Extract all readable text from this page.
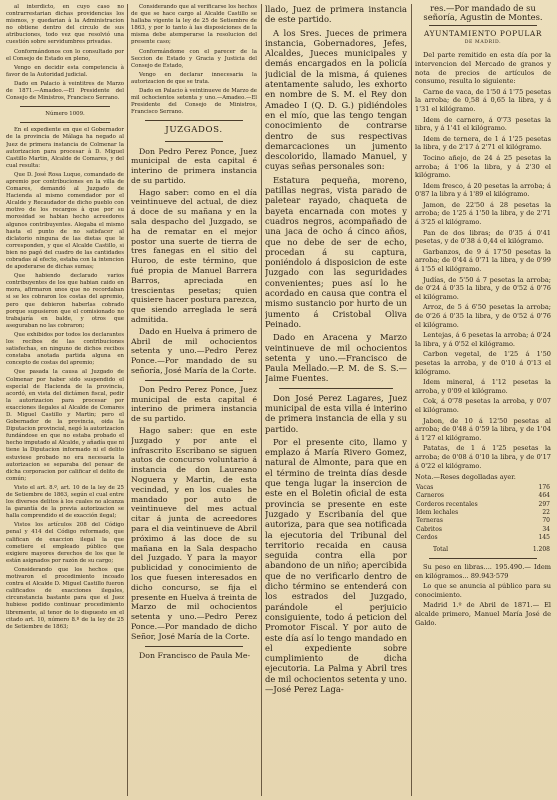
al interdicto, en cuyo caso no contrarrestarian dichas providencias los mismos, y quedarian à la Administracion no obtiene dentro del circulo de sus atribuciones, todo vez que resolvió una cuestión sobre servidumbres privadas.

Conformándonos con lo consultado por el Consejo de Estado en pleno,

Vengo en decidir esta competencia à favor de la Autoridad judicial.

Dado en Palacio à veintitres de Marzo de 1871.—Amadeo.—El Presidente del Consejo de Ministros, Francisco Serrano.

Número 1009.

En el expediente en que el Gobernador de la provincia de Málaga ha negado al Juez de primera instancia de Colmenar la autorizacion para procesar à D. Miguel Castillo Martin, Alcalde de Comares, y del cual resulta:

Que D. José Rosa Luque, comandado de apremio por contribuciones en la villa de Comares, demandó al Juzgado de Hacienda al mismo comendador por el Alcalde y Recaudador de dicho pueblo con motivo de los recargos à que por su morosidad se habian hecho acreedores algunos contribuyentes. Alegaba el mismo hasta el punto de no satisfacer al diclatorio ninguna de las dietas que le corresponden, y que el Alcalde Castillo, si bien no pagó del cuadro de las cantidades cobradas al efecto, estaba con la intencion de apoderarse de dichas sumas;

Que habiendo declarado varios contribuyentes de los que habian caido en mora, afirmaron unos que no recordaban si se les cobraron los costas del apremio, pero que debieron haberlas cobrado porque supusieron que el comisionado no trabajaría en balde, y otros que aseguraban no las cobraron;

Que exhibidos por todos los declarantes los recibos de las contribuciones satisfechas, en ninguno de dichos recibos constaba anotada partida alguna en concepto de costas del apremio;

Que pasada la causa al Juzgado de Colmenar por haber sido suspendido el especial de Hacienda de la provincia, acordó, en vista del dictámen fiscal, pedir la autorizacion para procesar por exacciones ilegales al Alcalde de Comares D. Miguel Castillo y Martin; pero el Gobernador de la provincia, oida la Diputacion provincial, negó la autorizacion fundándose en que no estaba probado el hecho imputado al Alcalde, y añadía que ni tiene la Diputacion informado ni el delito estuviese probado no era necesaria la autorizacion se separaba del pensar de dicha corporacion por calificar el delito de común;

Visto el art. 8.º, art. 10 de la ley de 25 de Setiembre de 1863, según el cual entre los diversos delitos à los cuales no alcanza la garantía de la previa autorizacion se halla comprendido el de exacción ilegal;

Vistos los artículos 208 del Código penal y 414 del Código reformado, que califican de exaccion ilegal la que cometiere el empleado público que exigiere mayores derechos de los que le están asignados por razón de su cargo;

Considerando que los hechos que motivaron el procedimiento incoado contra el Alcalde D. Miguel Castillo fueron calificados de exacciones ilegales, circunstancia bastante para que el Juez hubiese podido continuar procedimiento libremente, al tenor de lo dispuesto en el citado art. 10, número 8.º de la ley de 25 de Setiembre de 1863;

Considerando que al verificarse los hechos de que se hace cargo al Alcalde Castillo se hallaba vigente la ley de 25 de Setiembre de 1863, y por lo tanto à las disposiciones de la misma debe atemperarse la resolucion del presente caso;

Conformándome con el parecer de la Seccion de Estado y Gracia y Justicia del Consejo de Estado,

Vengo en declarar innecesaria la autorizacion de que se trata.

Dado en Palacio à veintinueve de Marzo de mil ochocientos setenta y uno.—Amadeo.—El Presidente del Consejo de Ministros, Francisco Serrano.

JUZGADOS.

Don Pedro Perez Ponce, Juez municipal de esta capital é interino de primera instancia de su partido.

Hago saber: como en el día veintinueve del actual, de diez á doce de su mañana y en la sala despacho del Juzgado, se ha de rematar en el mejor postor una suerte de tierra de tres fanegas en el sitio del Huroo, de este término, que fué propia de Manuel Barrera Barros, apreciada en trescientas pesetas; quien quisiere hacer postura parezca, que siendo arreglada le será admitida.

Dado en Huelva á primero de Abril de mil ochocientos setenta y uno.—Pedro Perez Ponce.—Por mandado de su señoría, José María de la Corte.

Don Pedro Perez Ponce, Juez municipal de esta capital é interino de primera instancia de su partido.

Hago saber: que en este Juzgado y por ante el infrascrito Escribano se siguen autos de concurso voluntario á instancia de don Laureano Noguera y Martin, de esta vecindad, y en los cuales he mandado por auto de veintinueve del mes actual citar á junta de acreedores para el dia veintinueve de Abril próximo á las doce de su mañana en la Sala despacho del Juzgado. Y para la mayor publicidad y conocimiento de los que fuesen interesados en dicho concurso, se fija el presente en Huelva á treinta de Marzo de mil ochocientos setenta y uno.—Pedro Perez Ponce.—Por mandado de dicho Señor, José María de la Corte.

Don Francisco de Paula Me-

llado, Juez de primera instancia de este partido.

A los Sres. Jueces de primera instancia, Gobernadores, Jefes, Alcaldes, Jueces municipales y demás encargados en la policía judicial de la misma, á quienes atentamente saludo, les exhorto en nombre de S. M. el Rey don Amadeo I (Q. D. G.) pidiéndoles en el mío, que las tengo tengan conocimiento de contrarse dentro de sus respectivas demarcaciones un jumento descolorido, llamado Manuel, y cuyas señas personales son:

Estatura pequeña, moreno, patillas negras, vista parado de paletear rayado, chaqueta de bayeta encarnada con motes y cuadros negros, acompañado de una jaca de ocho á cinco años, que no debe de ser de echo, procedan á su captura, poniéndolo á disposicion de este Juzgado con las seguridades convenientes; pues así lo he acordado en causa que contra el mismo sustancio por hurto de un jumento á Cristobal Oliva Peinado.

Dado en Aracena y Marzo veintinueve de mil ochocientos setenta y uno.—Francisco de Paula Mellado.—P. M. de S. S.—Jaime Fuentes.

Don José Perez Lagares, Juez municipal de esta villa é interino de primera instancia de ella y su partido.

Por el presente cito, llamo y emplazo á María Rivero Gomez, natural de Almonte, para que en el término de treinta días desde que tenga lugar la insercion de este en el Boletin oficial de esta provincia se presente en este Juzgado y Escribanía del que autoriza, para que sea notificada la ejecutoria del Tribunal del territorio recaida en causa seguida contra ella por abandono de un niño; apercibida que de no verificarlo dentro de dicho término se entenderá con los estrados del Juzgado, parándole el perjuicio consiguiente, todo á peticion del Promotor Fiscal. Y por auto de este día así lo tengo mandado en el expediente sobre cumplimiento de dicha ejecutoria. La Palma y Abril tres de mil ochocientos setenta y uno.—José Perez Laga-

res.—Por mandado de su señoría, Agustin de Montes.

AYUNTAMIENTO POPULAR

DE MADRID.

Del parte remitido en esta día por la intervencion del Mercado de granos y nota de precios de artículos de consumo, resulta lo siguiente:

Carne de vaca, de 1'50 á 1'75 pesetas la arroba; de 0,58 á 0,65 la libra, y á 1'31 el kilógramo.

Idem de carnero, á 0'73 pesetas la libra, y á 1'41 el kilógramo.

Idem de ternera, de 1 á 1'25 pesetas la libra, y de 2'17 á 2'71 el kilógramo.

Tocino añejo, de 24 á 25 pesetas la arroba; á 1'06 la libra, y á 2'30 el kilógramo.

Idem fresco, á 20 pesetas la arroba; á 0'87 la libra y á 1'89 el kilógramo.

Jamon, de 22'50 á 28 pesetas la arroba; de 1'25 á 1'50 la libra, y de 2'71 á 3'25 el kilógramo.

Pan de dos libras; de 0'35 á 0'41 pesetas, y de 0'38 á 0,44 el kilógramo.

Garbanzos, de 9 á 17'50 pesetas la arroba; de 0'44 á 0'71 la libra, y de 0'99 á 1'55 el kilógramo.

Judías, de 5'50 á 7 pesetas la arroba; de 0'24 á 0'35 la libra, y de 0'52 á 0'76 el kilógramo.

Arroz, de 5 á 6'50 pesetas la arroba; de 0'26 á 0'35 la libra, y de 0'52 á 0'76 el kilógramo.

Lentejas, á 6 pesetas la arroba; á 0'24 la libra, y á 0'52 el kilógramo.

Carbon vegetal, de 1'25 á 1'50 pesetas la arroba, y de 0'10 á 0'13 el kilógramo.

Idem mineral, á 1'12 pesetas la arroba, y 0'09 el kilógramo.

Cok, á 0'78 pesetas la arroba, y 0'07 el kilógramo.

Jabon, de 10 á 12'50 pesetas al arroba; de 0'48 á 0'59 la libra, y de 1'04 á 1'27 el kilógramo.

Patatas, de 1 á 1'25 pesetas la arroba; de 0'08 á 0'10 la libra, y de 0'17 á 0'22 el kilógramo.

Nota.—Reses degolladas ayer.

Vacas	176
Carneros	464
Corderos recentales	297
Idem lechales	22
Terneras	70
Cabritos	34
Cerdos	145
Total	1.208

Su peso en libras.... 195.490.— Idem en kilógramos... 89.943·579

Lo que se anuncia al público para su conocimiento.

Madrid 1.º de Abril de 1871.— El alcalde primero, Manuel María José de Galdo.
